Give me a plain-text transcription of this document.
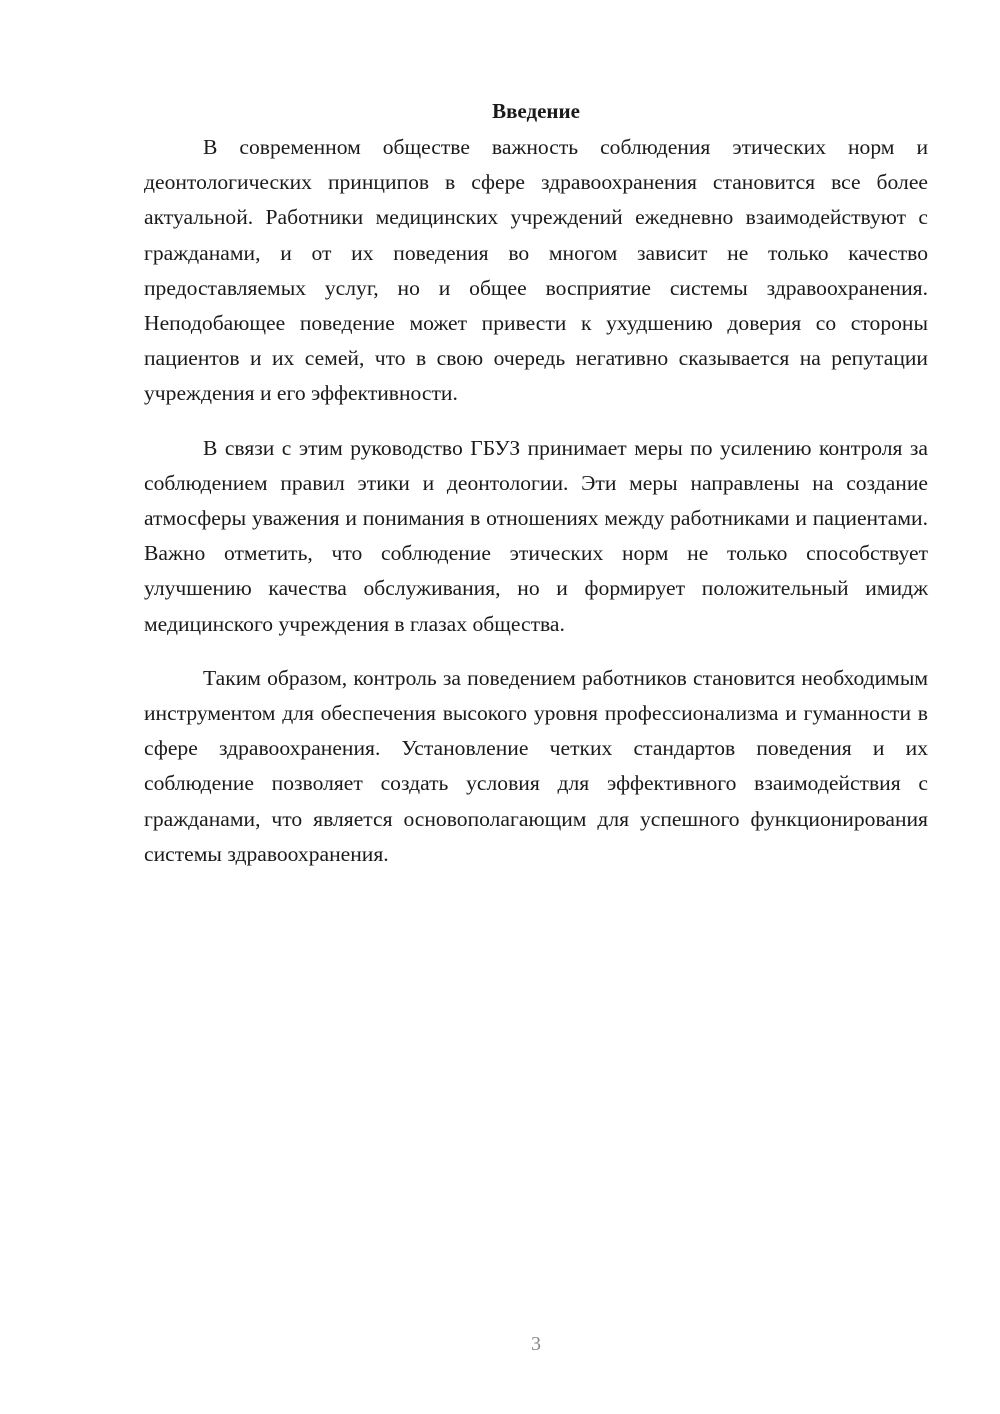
Введение

В современном обществе важность соблюдения этических норм и деонтологических принципов в сфере здравоохранения становится все более актуальной. Работники медицинских учреждений ежедневно взаимодействуют с гражданами, и от их поведения во многом зависит не только качество предоставляемых услуг, но и общее восприятие системы здравоохранения. Неподобающее поведение может привести к ухудшению доверия со стороны пациентов и их семей, что в свою очередь негативно сказывается на репутации учреждения и его эффективности.

В связи с этим руководство ГБУЗ принимает меры по усилению контроля за соблюдением правил этики и деонтологии. Эти меры направлены на создание атмосферы уважения и понимания в отношениях между работниками и пациентами. Важно отметить, что соблюдение этических норм не только способствует улучшению качества обслуживания, но и формирует положительный имидж медицинского учреждения в глазах общества.

Таким образом, контроль за поведением работников становится необходимым инструментом для обеспечения высокого уровня профессионализма и гуманности в сфере здравоохранения. Установление четких стандартов поведения и их соблюдение позволяет создать условия для эффективного взаимодействия с гражданами, что является основополагающим для успешного функционирования системы здравоохранения.

3
